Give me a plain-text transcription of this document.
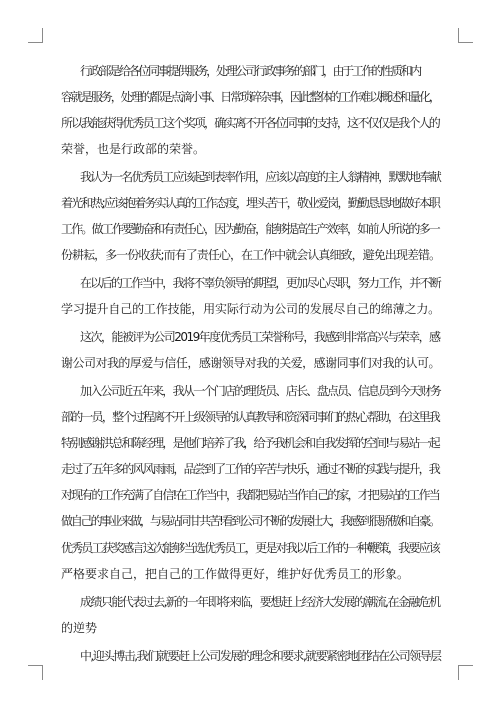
行政部是给各位同事提供服务，处理公司行政事务的部门，由于工作的性质和内
容就是服务，处理的都是点滴小事、日常琐碎杂事，因此整体的工作难以概述和量化，
所以我能获得优秀员工这个奖项，确实离不开各位同事的支持，这不仅仅是我个人的
荣誉，也是行政部的荣誉。
我认为一名优秀员工应该起到表率作用，应该以高度的主人翁精神，默默地奉献
着光和热;应该抱着务实认真的工作态度，埋头苦干，敬业爱岗，勤勤恳恳地做好本职
工作。做工作要勤奋和有责任心，因为勤奋，能够提高生产效率，如前人所说的多一
份耕耘，多一份收获;而有了责任心，在工作中就会认真细致，避免出现差错。
在以后的工作当中，我将不辜负领导的期望，更加尽心尽职，努力工作，并不断
学习提升自己的工作技能，用实际行动为公司的发展尽自己的绵薄之力。
这次，能被评为公司2019年度优秀员工荣誉称号，我感到非常高兴与荣幸，感
谢公司对我的厚爱与信任，感谢领导对我的关爱，感谢同事们对我的认可。
加入公司近五年来，我从一个门店的理货员、店长、盘点员、信息员到今天财务
部的一员，整个过程离不开上级领导的认真教导和资深同事们的热心帮助，在这里我
特别感谢洪总和陈经理，是他们培养了我，给予我机会和自我发挥的空间!与易站一起
走过了五年多的风风雨雨，品尝到了工作的辛苦与快乐，通过不断的实践与提升，我
对现有的工作充满了自信!在工作当中，我都把易站当作自己的家，才把易站的工作当
做自己的事业来做，与易站同甘共苦!看到公司不断的发展壮大，我感到很骄傲和自豪。
优秀员工获奖感言这次能够当选优秀员工，更是对我以后工作的一种鞭策，我要应该
严格要求自己，把自己的工作做得更好，维护好优秀员工的形象。
成绩只能代表过去,新的一年即将来临，要想赶上经济大发展的潮流,在金融危机
的逆势
中,迎头博击,我们就要赶上公司发展的理念和要求,就要紧密地团结在公司领导层
